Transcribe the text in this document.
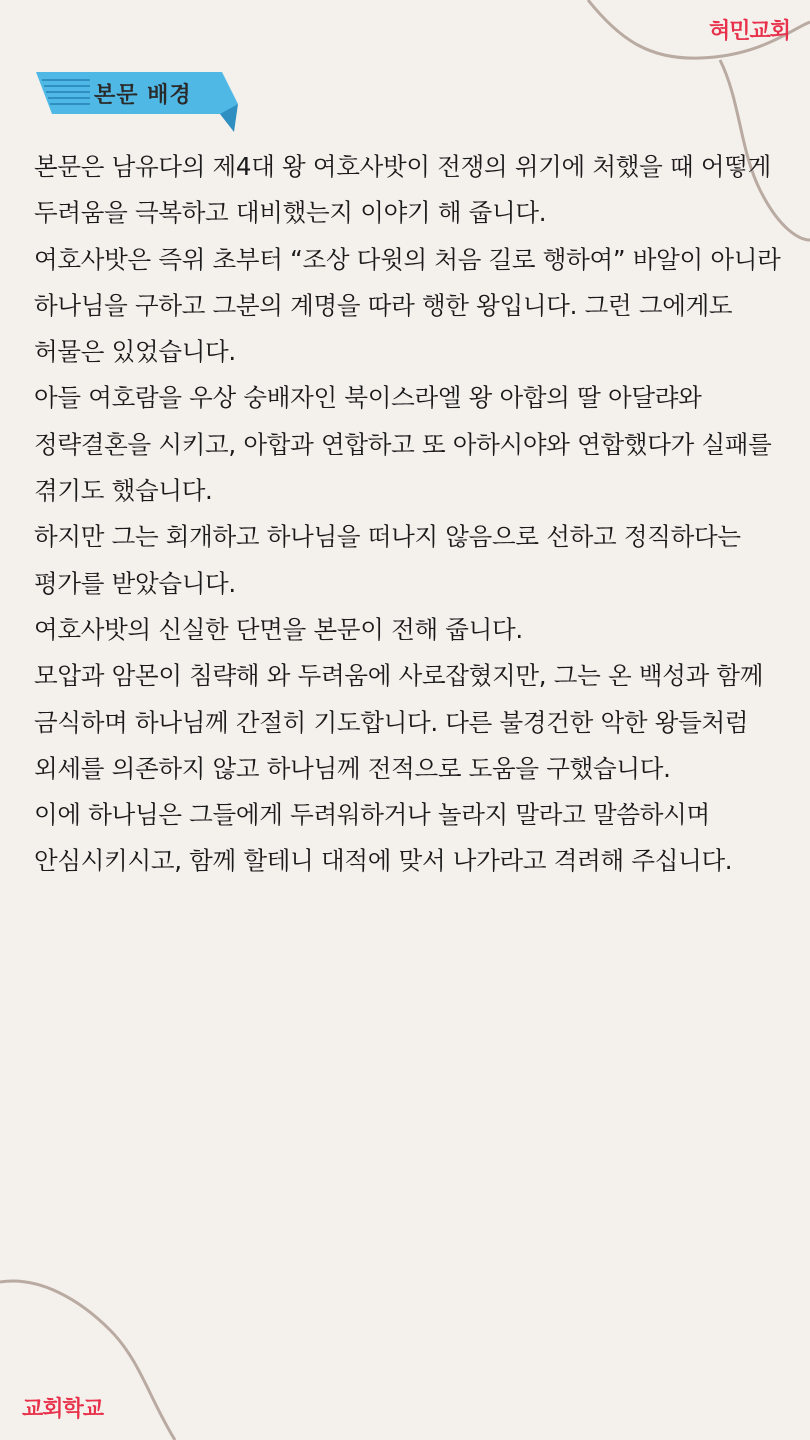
혀민교회
본문 배경

본문은 남유다의 제4대 왕 여호사밧이 전쟁의 위기에 처했을 때 어떻게 두려움을 극복하고 대비했는지 이야기 해 줍니다.

여호사밧은 즉위 초부터 “조상 다윗의 처음 길로 행하여” 바알이 아니라 하나님을 구하고 그분의 계명을 따라 행한 왕입니다. 그런 그에게도 허물은 있었습니다.

아들 여호람을 우상 숭배자인 북이스라엘 왕 아합의 딸 아달랴와 정략결혼을 시키고, 아합과 연합하고 또 아하시야와 연합했다가 실패를 겪기도 했습니다.

하지만 그는 회개하고 하나님을 떠나지 않음으로 선하고 정직하다는 평가를 받았습니다.

여호사밧의 신실한 단면을 본문이 전해 줍니다.

모압과 암몬이 침략해 와 두려움에 사로잡혔지만, 그는 온 백성과 함께 금식하며 하나님께 간절히 기도합니다. 다른 불경건한 악한 왕들처럼 외세를 의존하지 않고 하나님께 전적으로 도움을 구했습니다.

이에 하나님은 그들에게 두려워하거나 놀라지 말라고 말씀하시며 안심시키시고, 함께 할테니 대적에 맞서 나가라고 격려해 주십니다.

교회학교
